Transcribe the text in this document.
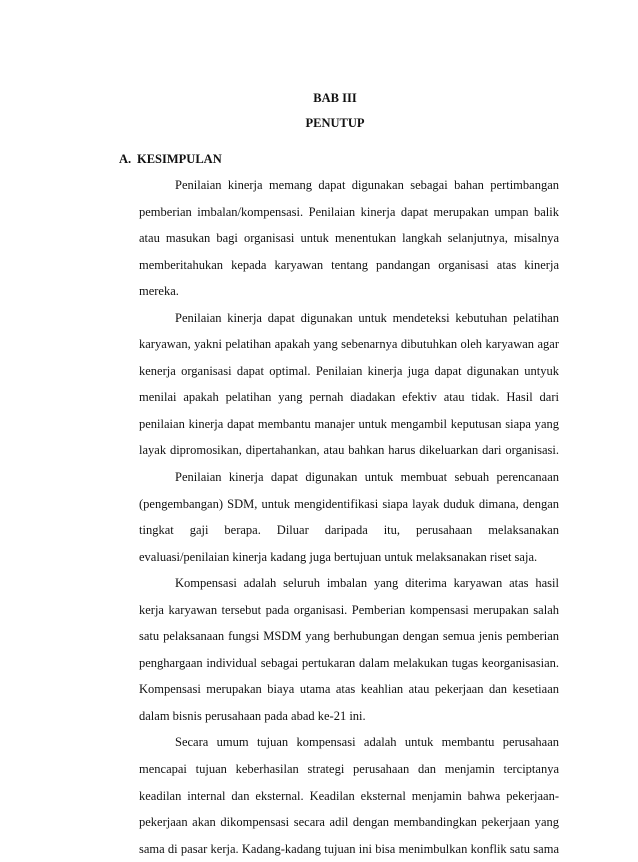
BAB III
PENUTUP
A. KESIMPULAN

Penilaian kinerja memang dapat digunakan sebagai bahan pertimbangan

pemberian imbalan/kompensasi. Penilaian kinerja dapat merupakan umpan balik

atau masukan bagi organisasi untuk menentukan langkah selanjutnya, misalnya

memberitahukan kepada karyawan tentang pandangan organisasi atas kinerja

mereka.

Penilaian kinerja dapat digunakan untuk mendeteksi kebutuhan pelatihan

karyawan, yakni pelatihan apakah yang sebenarnya dibutuhkan oleh karyawan agar

kenerja organisasi dapat optimal. Penilaian kinerja juga dapat digunakan untyuk

menilai apakah pelatihan yang pernah diadakan efektiv atau tidak. Hasil dari

penilaian kinerja dapat membantu manajer untuk mengambil keputusan siapa yang

layak dipromosikan, dipertahankan, atau bahkan harus dikeluarkan dari organisasi.

Penilaian kinerja dapat digunakan untuk membuat sebuah perencanaan

(pengembangan) SDM, untuk mengidentifikasi siapa layak duduk dimana, dengan

tingkat gaji berapa. Diluar daripada itu, perusahaan melaksanakan

evaluasi/penilaian kinerja kadang juga bertujuan untuk melaksanakan riset saja.

Kompensasi adalah seluruh imbalan yang diterima karyawan atas hasil

kerja karyawan tersebut pada organisasi. Pemberian kompensasi merupakan salah

satu pelaksanaan fungsi MSDM yang berhubungan dengan semua jenis pemberian

penghargaan individual sebagai pertukaran dalam melakukan tugas keorganisasian.

Kompensasi merupakan biaya utama atas keahlian atau pekerjaan dan kesetiaan

dalam bisnis perusahaan pada abad ke-21 ini.

Secara umum tujuan kompensasi adalah untuk membantu perusahaan

mencapai tujuan keberhasilan strategi perusahaan dan menjamin terciptanya

keadilan internal dan eksternal. Keadilan eksternal menjamin bahwa pekerjaan-

pekerjaan akan dikompensasi secara adil dengan membandingkan pekerjaan yang

sama di pasar kerja. Kadang-kadang tujuan ini bisa menimbulkan konflik satu sama
